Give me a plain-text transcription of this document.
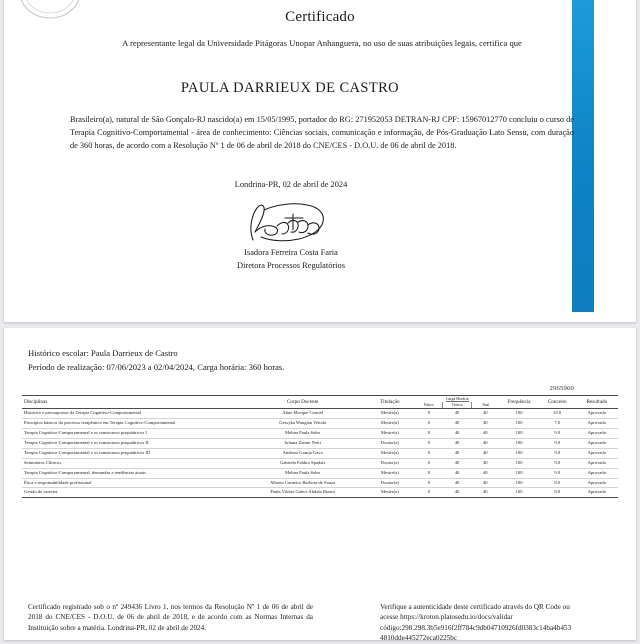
Certificado
A representante legal da Universidade Pitágoras Unopar Anhanguera, no uso de suas atribuições legais, certifica que
PAULA DARRIEUX DE CASTRO
Brasileiro(a), natural de São Gonçalo-RJ nascido(a) em 15/05/1995, portador do RG: 271952053 DETRAN-RJ CPF: 15967012770 concluiu o curso de Terapia Cognitivo-Comportamental - área de conhecimento: Ciências sociais, comunicação e informação, de Pós-Graduação Lato Sensu, com duração de 360 horas, de acordo com a Resolução Nº 1 de 06 de abril de 2018 do CNE/CES - D.O.U. de 06 de abril de 2018.
Londrina-PR, 02 de abril de 2024
Isadora Ferreira Costa Faria
Diretora Processos Regulatórios
Histórico escolar: Paula Darrieux de Castro
Período de realização: 07/06/2023 a 02/04/2024, Carga horária: 360 horas.
2965960
Disciplinas	Corpo Docente	Titulação	Carga Horária
Prática Teórica Total			Frequência	Conceito	Resultado
Histórico e pressupostos da Terapia Cognitivo-Comportamental	Aline Mosque Carmel	Mestre(a)	0	40	40	100	10.0	Aprovado
Princípios básicos do processo terapêutico em Terapia Cognitivo-Comportamental	Gessyka Wanglan Veloda	Mestre(a)	0	40	40	100	7.0	Aprovado
Terapia Cognitivo-Comportamental e os transtornos psiquiátricos I	Melina Paula Sales	Mestre(a)	0	40	40	100	9.0	Aprovado
Terapia Cognitivo-Comportamental e os transtornos psiquiátricos II	Juliana Zanini Netti	Doutor(a)	0	40	40	100	9.0	Aprovado
Terapia Cognitivo-Comportamental e os transtornos psiquiátricos III	Andreza Granja Gava	Mestre(a)	0	40	40	100	9.0	Aprovado
Seminários Clínicos	Gabriela Fabbro Spadari	Doutor(a)	0	40	40	100	9.0	Aprovado
Terapia Cognitivo-Comportamental, demandas e tendências atuais	Melina Paula Sales	Mestre(a)	0	40	40	100	9.0	Aprovado
Ética e responsabilidade profissional	Alberto Carneiro Barbosa de Souza	Doutor(a)	0	40	40	100	8.0	Aprovado
Gestão de carreira	Paula Vitória Galeci Abdala Biazin	Mestre(a)	0	40	40	100	8.0	Aprovado
Certificado registrado sob o nº 249436 Livro 1, nos termos da Resolução Nº 1 de 06 de abril de 2018 do CNE/CES - D.O.U. de 06 de abril de 2018, e de acordo com as Normas Internas da Instituição sobre a matéria. Londrina-PR, 02 de abril de 2024.
Verifique a autenticidade deste certificado através do QR Code ou
acesse https://kroton.platosedu.io/docs/validar
código:298.298.3b5e916f2ff784c9db04710926fd0383c14ba4b453
4810dde445272eca0225bc
